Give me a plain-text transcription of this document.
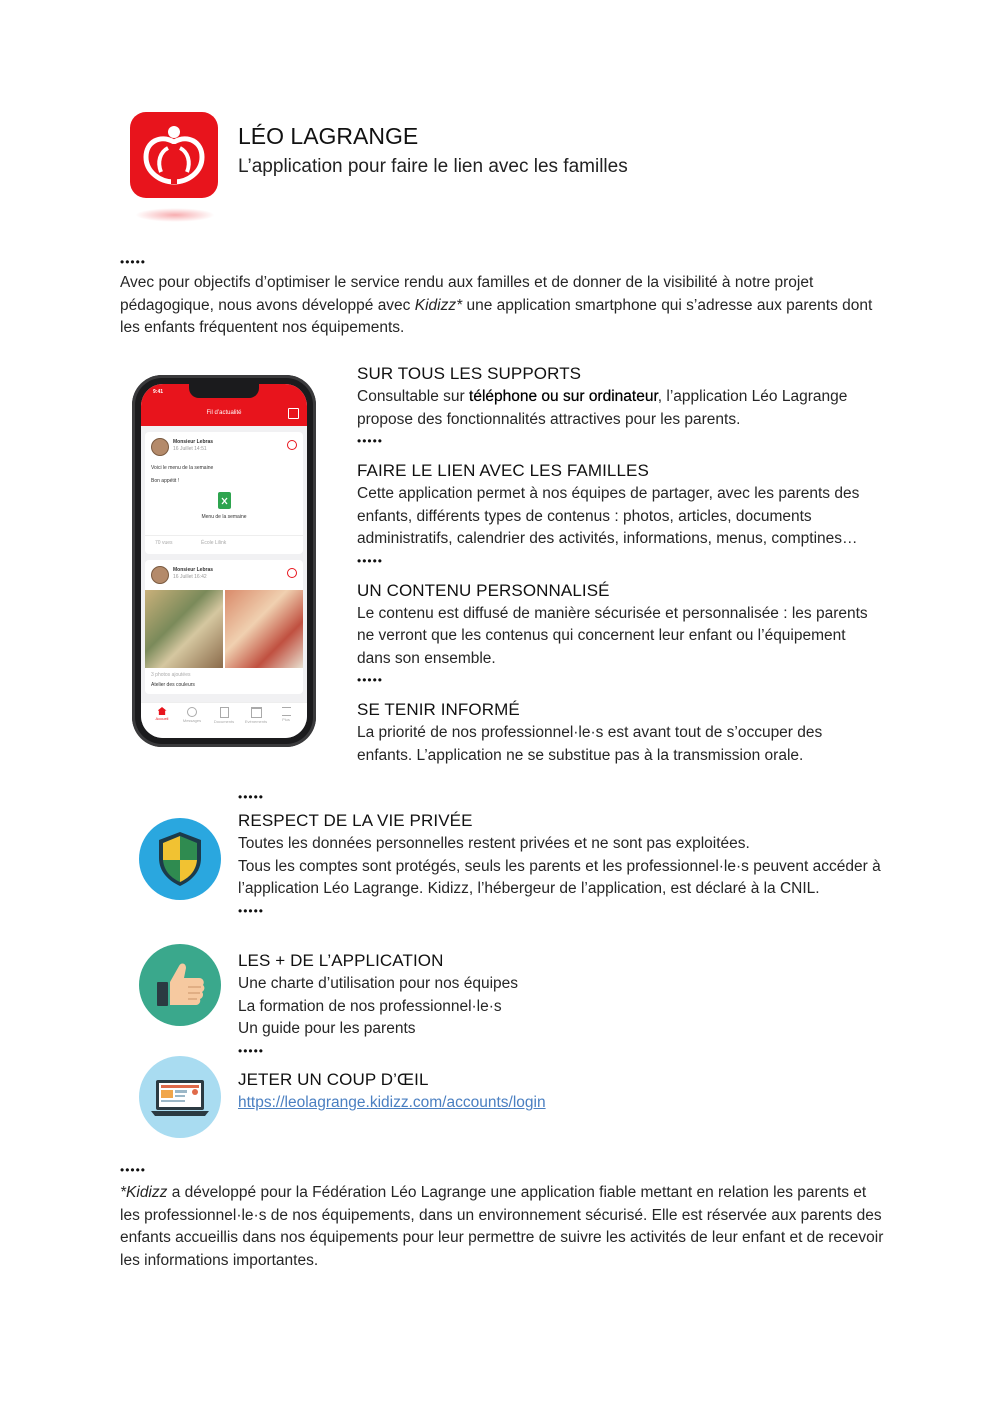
LÉO LAGRANGE
L’application pour faire le lien avec les familles
•••••

Avec pour objectifs d’optimiser le service rendu aux familles et de donner de la visibilité à notre projet pédagogique, nous avons développé avec Kidizz* une application smartphone qui s’adresse aux parents dont les enfants fréquentent nos équipements.

9:41
Fil d’actualité
Monsieur Lebras
16 Juillet 14:51
Voici le menu de la semaine
Bon appétit !
Menu de la semaine
70 vues	École Lilink
Monsieur Lebras
16 Juillet 16:42
3 photos ajoutées
Atelier des couleurs
Accueil	Messages	Documents	Evénements	Plus
SUR TOUS LES SUPPORTS

Consultable sur téléphone ou sur ordinateur, l’application Léo Lagrange propose des fonctionnalités attractives pour les parents.

•••••
FAIRE LE LIEN AVEC LES FAMILLES

Cette application permet à nos équipes de partager, avec les parents des enfants, différents types de contenus : photos, articles, documents administratifs, calendrier des activités, informations, menus, comptines…

•••••
UN CONTENU PERSONNALISÉ

Le contenu est diffusé de manière sécurisée et personnalisée : les parents ne verront que les contenus qui concernent leur enfant ou l’équipement dans son ensemble.

•••••
SE TENIR INFORMÉ

La priorité de nos professionnel·le·s est avant tout de s’occuper des enfants. L’application ne se substitue pas à la transmission orale.

•••••
RESPECT DE LA VIE PRIVÉE

Toutes les données personnelles restent privées et ne sont pas exploitées.

Tous les comptes sont protégés, seuls les parents et les professionnel·le·s peuvent accéder à l’application Léo Lagrange. Kidizz, l’hébergeur de l’application, est déclaré à la CNIL.

•••••
LES + DE L’APPLICATION

Une charte d’utilisation pour nos équipes

La formation de nos professionnel·le·s

Un guide pour les parents

•••••
JETER UN COUP D’ŒIL

https://leolagrange.kidizz.com/accounts/login

•••••

*Kidizz a développé pour la Fédération Léo Lagrange une application fiable mettant en relation les parents et les professionnel·le·s de nos équipements, dans un environnement sécurisé. Elle est réservée aux parents des enfants accueillis dans nos équipements pour leur permettre de suivre les activités de leur enfant et de recevoir les informations importantes.
